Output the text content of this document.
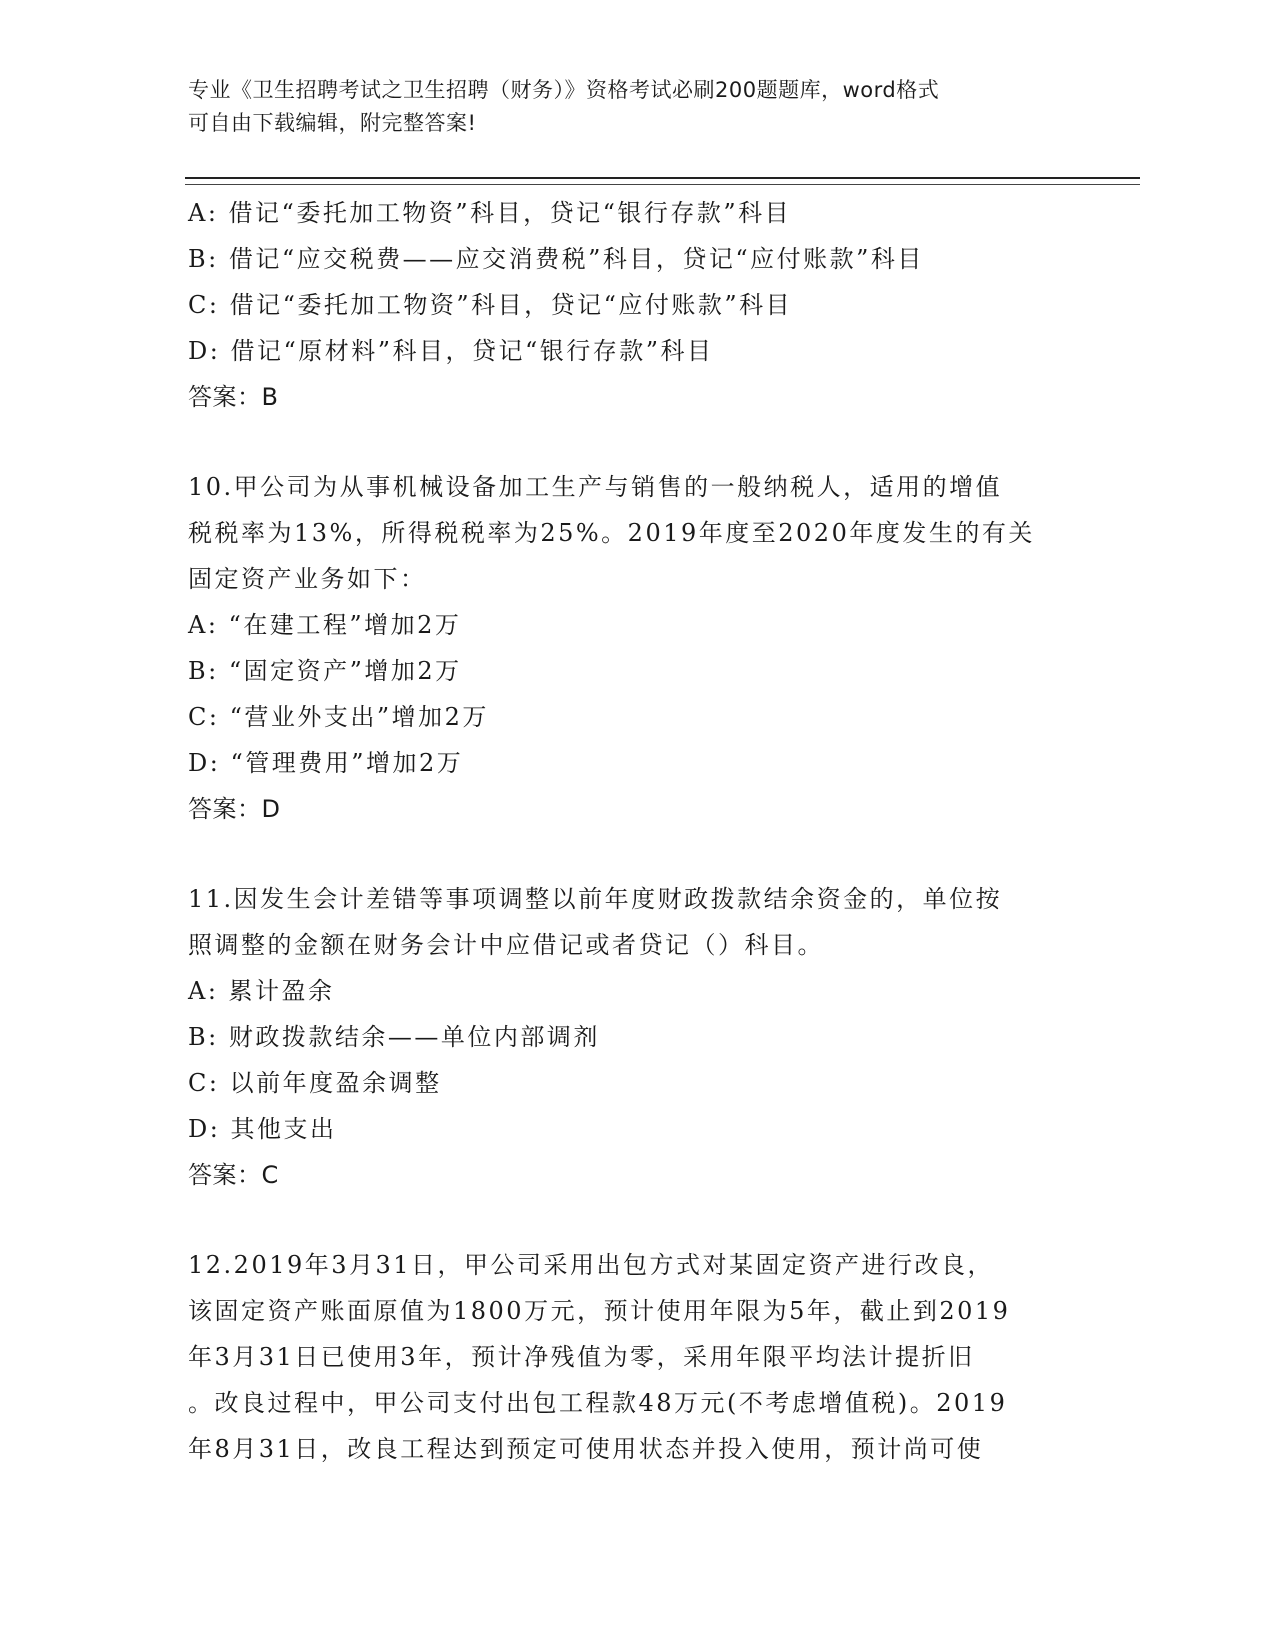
专业《卫生招聘考试之卫生招聘（财务）》资格考试必刷200题题库，word格式
可自由下载编辑，附完整答案!
A: 借记“委托加工物资”科目，贷记“银行存款”科目
B: 借记“应交税费——应交消费税”科目，贷记“应付账款”科目
C: 借记“委托加工物资”科目，贷记“应付账款”科目
D: 借记“原材料”科目，贷记“银行存款”科目
答案：B
10.甲公司为从事机械设备加工生产与销售的一般纳税人，适用的增值
税税率为13%，所得税税率为25%。2019年度至2020年度发生的有关
固定资产业务如下：
A: “在建工程”增加2万
B: “固定资产”增加2万
C: “营业外支出”增加2万
D: “管理费用”增加2万
答案：D
11.因发生会计差错等事项调整以前年度财政拨款结余资金的，单位按
照调整的金额在财务会计中应借记或者贷记（）科目。
A: 累计盈余
B: 财政拨款结余——单位内部调剂
C: 以前年度盈余调整
D: 其他支出
答案：C
12.2019年3月31日，甲公司采用出包方式对某固定资产进行改良，
该固定资产账面原值为1800万元，预计使用年限为5年，截止到2019
年3月31日已使用3年，预计净残值为零，采用年限平均法计提折旧
。改良过程中，甲公司支付出包工程款48万元(不考虑增值税)。2019
年8月31日，改良工程达到预定可使用状态并投入使用，预计尚可使
